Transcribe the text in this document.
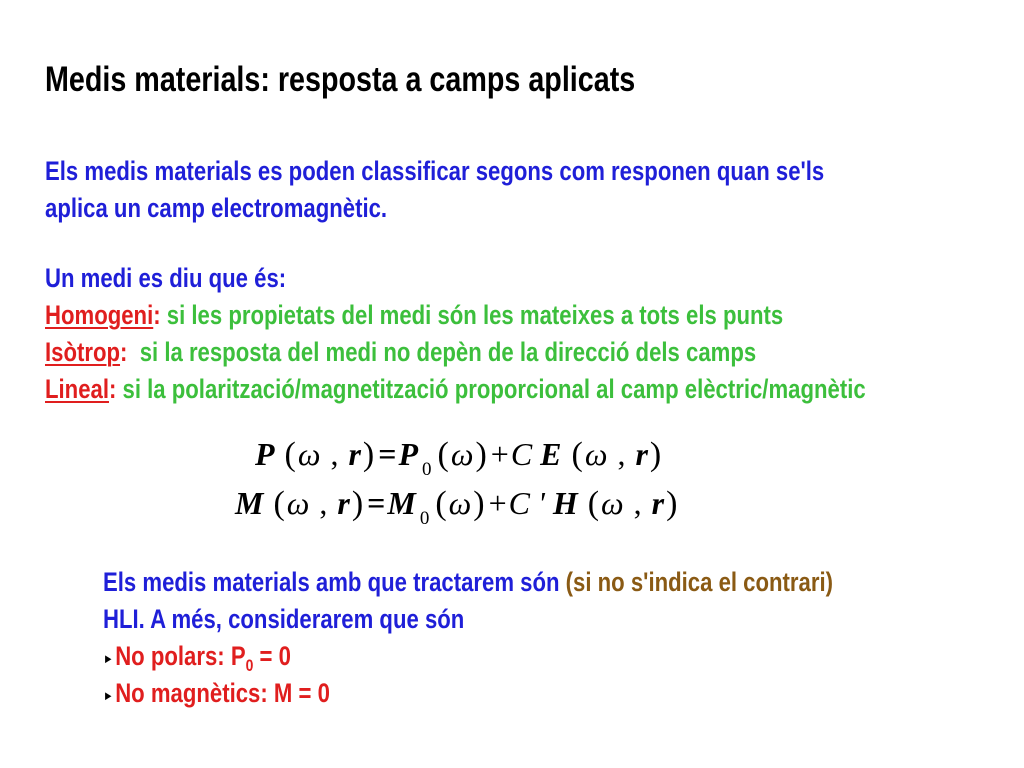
Medis materials: resposta a camps aplicats
Els medis materials es poden classificar segons com responen quan se'ls
aplica un camp electromagnètic.
Un medi es diu que és:
Homogeni: si les propietats del medi són les mateixes a tots els punts
Isòtrop:  si la resposta del medi no depèn de la direcció dels camps
Lineal: si la polarització/magnetització proporcional al camp elèctric/magnètic
P (ω , r) =P $_0$ (ω) +C E (ω , r)
M (ω , r) =M $_0$ (ω) +C ' H (ω , r)
Els medis materials amb que tractarem són (si no s'indica el contrari)
HLI. A més, considerarem que són
►No polars: $P_0 = 0$
►No magnètics: M = 0
